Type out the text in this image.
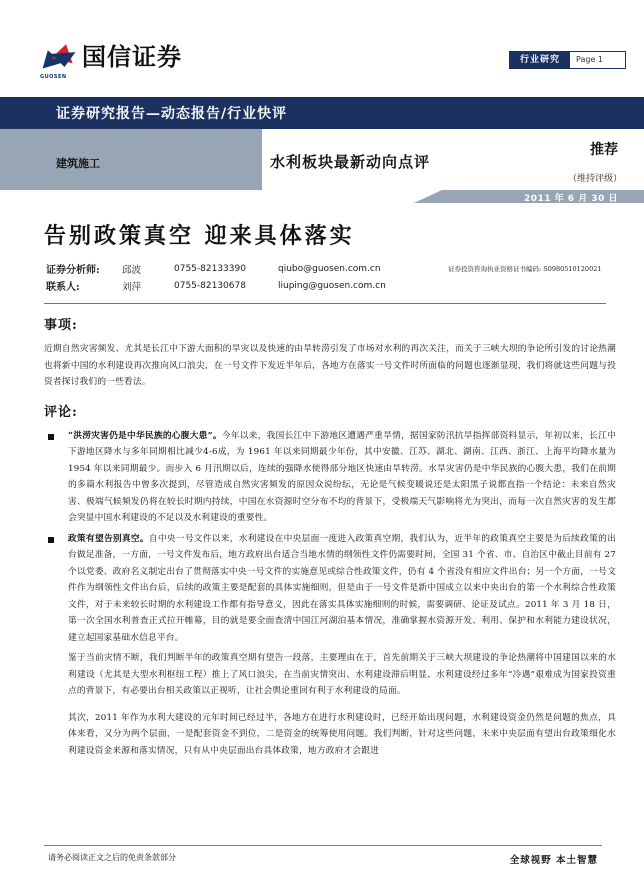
GUOSEN
国信证券	行业研究	Page 1
证券研究报告—动态报告/行业快评
建筑施工	水利板块最新动向点评
推荐
（维持评级）
2011 年 6 月 30 日
告别政策真空 迎来具体落实
证券分析师:	邱波	0755-82133390	qiubo@guosen.com.cn	证券投资咨询执业资格证书编码: S0980510120021
联系人:	刘萍	0755-82130678	liuping@guosen.com.cn	
事项:

近期自然灾害频发、尤其是长江中下游大面积的旱灾以及快速的由旱转涝引发了市场对水利的再次关注，而关于三峡大坝的争论所引发的讨论热潮也将新中国的水利建设再次推向风口浪尖，在一号文件下发近半年后，各地方在落实一号文件时所面临的问题也逐渐显现，我们将就这些问题与投资者探讨我们的一些看法。

评论:

“洪涝灾害仍是中华民族的心腹大患”。今年以来，我国长江中下游地区遭遇严重旱情，据国家防汛抗旱指挥部资料显示，年初以来，长江中下游地区降水与多年同期相比减少4-6成，为 1961 年以来同期最少年份，其中安徽、江苏、湖北、湖南、江西、浙江、上海平均降水量为 1954 年以来同期最少。而步入 6 月汛期以后，连续的强降水使得部分地区快速由旱转涝。水旱灾害仍是中华民族的心腹大患，我们在前期的多篇水利报告中曾多次提到，尽管造成自然灾害频发的原因众说纷纭，无论是气候变暖说还是太阳黑子说都直指一个结论：未来自然灾害、极端气候频发仍将在较长时期内持续，中国在水资源时空分布不均的背景下，受极端天气影响将尤为突出，而每一次自然灾害的发生都会突显中国水利建设的不足以及水利建设的重要性。

政策有望告别真空。自中央一号文件以来，水利建设在中央层面一度进入政策真空期，我们认为，近半年的政策真空主要是为后续政策的出台做足准备，一方面，一号文件发布后，地方政府出台适合当地水情的纲领性文件仍需要时间，全国 31 个省、市、自治区中截止目前有 27 个以党委、政府名义制定出台了贯彻落实中央一号文件的实施意见或综合性政策文件，仍有 4 个省没有相应文件出台；另一个方面，一号文件作为纲领性文件出台后，后续的政策主要是配套的具体实施细则，但是由于一号文件是新中国成立以来中央出台的第一个水利综合性政策文件，对于未来较长时期的水利建设工作都有指导意义，因此在落实具体实施细则的时候，需要调研、论证及试点。2011 年 3 月 18 日，第一次全国水利普查正式拉开帷幕，目的就是要全面查清中国江河湖泊基本情况，准确掌握水资源开发、利用、保护和水利能力建设状况，建立起国家基础水信息平台。

鉴于当前灾情不断，我们判断半年的政策真空期有望告一段落，主要理由在于，首先前期关于三峡大坝建设的争论热潮将中国建国以来的水利建设（尤其是大型水利枢纽工程）推上了风口浪尖，在当前灾情突出、水利建设滞后明显、水利建设经过多年“冷遇”艰难成为国家投资重点的背景下，有必要出台相关政策以正视听，让社会舆论重回有利于水利建设的局面。

其次，2011 年作为水利大建设的元年时间已经过半，各地方在进行水利建设时，已经开始出现问题，水利建设资金仍然是问题的焦点，具体来看，又分为两个层面，一是配套资金不到位，二是资金的统筹使用问题。我们判断，针对这些问题，未来中央层面有望出台政策细化水利建设资金来源和落实情况，只有从中央层面出台具体政策，地方政府才会跟进

请务必阅读正文之后的免责条款部分	全球视野 本土智慧
